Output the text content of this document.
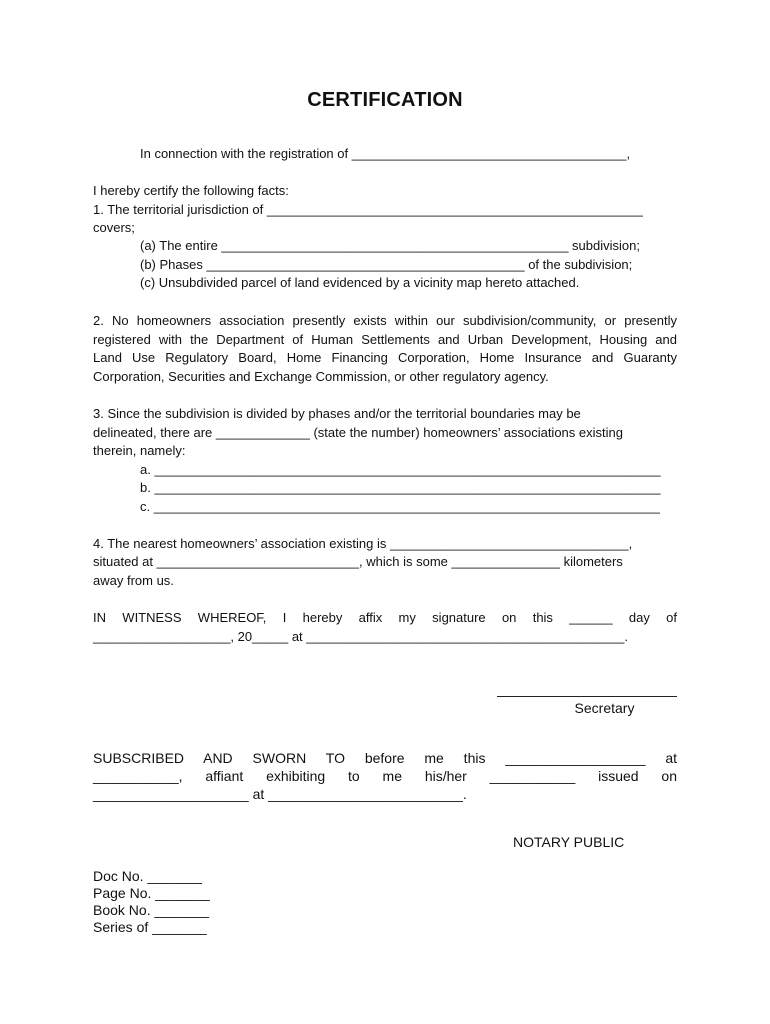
CERTIFICATION
In connection with the registration of ______________________________________,
I hereby certify the following facts:
1. The territorial jurisdiction of ____________________________________________________
covers;
(a) The entire ________________________________________________ subdivision;
(b) Phases ____________________________________________ of the subdivision;
(c) Unsubdivided parcel of land evidenced by a vicinity map hereto attached.
2. No homeowners association presently exists within our subdivision/community, or presently
registered with the Department of Human Settlements and Urban Development, Housing and
Land Use Regulatory Board, Home Financing Corporation, Home Insurance and Guaranty
Corporation, Securities and Exchange Commission, or other regulatory agency.
3. Since the subdivision is divided by phases and/or the territorial boundaries may be
delineated, there are _____________ (state the number) homeowners’ associations existing
therein, namely:
a. ______________________________________________________________________
b. ______________________________________________________________________
c. ______________________________________________________________________
4. The nearest homeowners’ association existing is _________________________________,
situated at ____________________________, which is some _______________ kilometers
away from us.
IN WITNESS WHEREOF, I hereby affix my signature on this ______ day of
___________________, 20_____ at ____________________________________________.
Secretary
SUBSCRIBED AND SWORN TO before me this __________________ at
___________, affiant exhibiting to me his/her ___________ issued on
____________________ at _________________________.
NOTARY PUBLIC
Doc No. _______
Page No. _______
Book No. _______
Series of _______
